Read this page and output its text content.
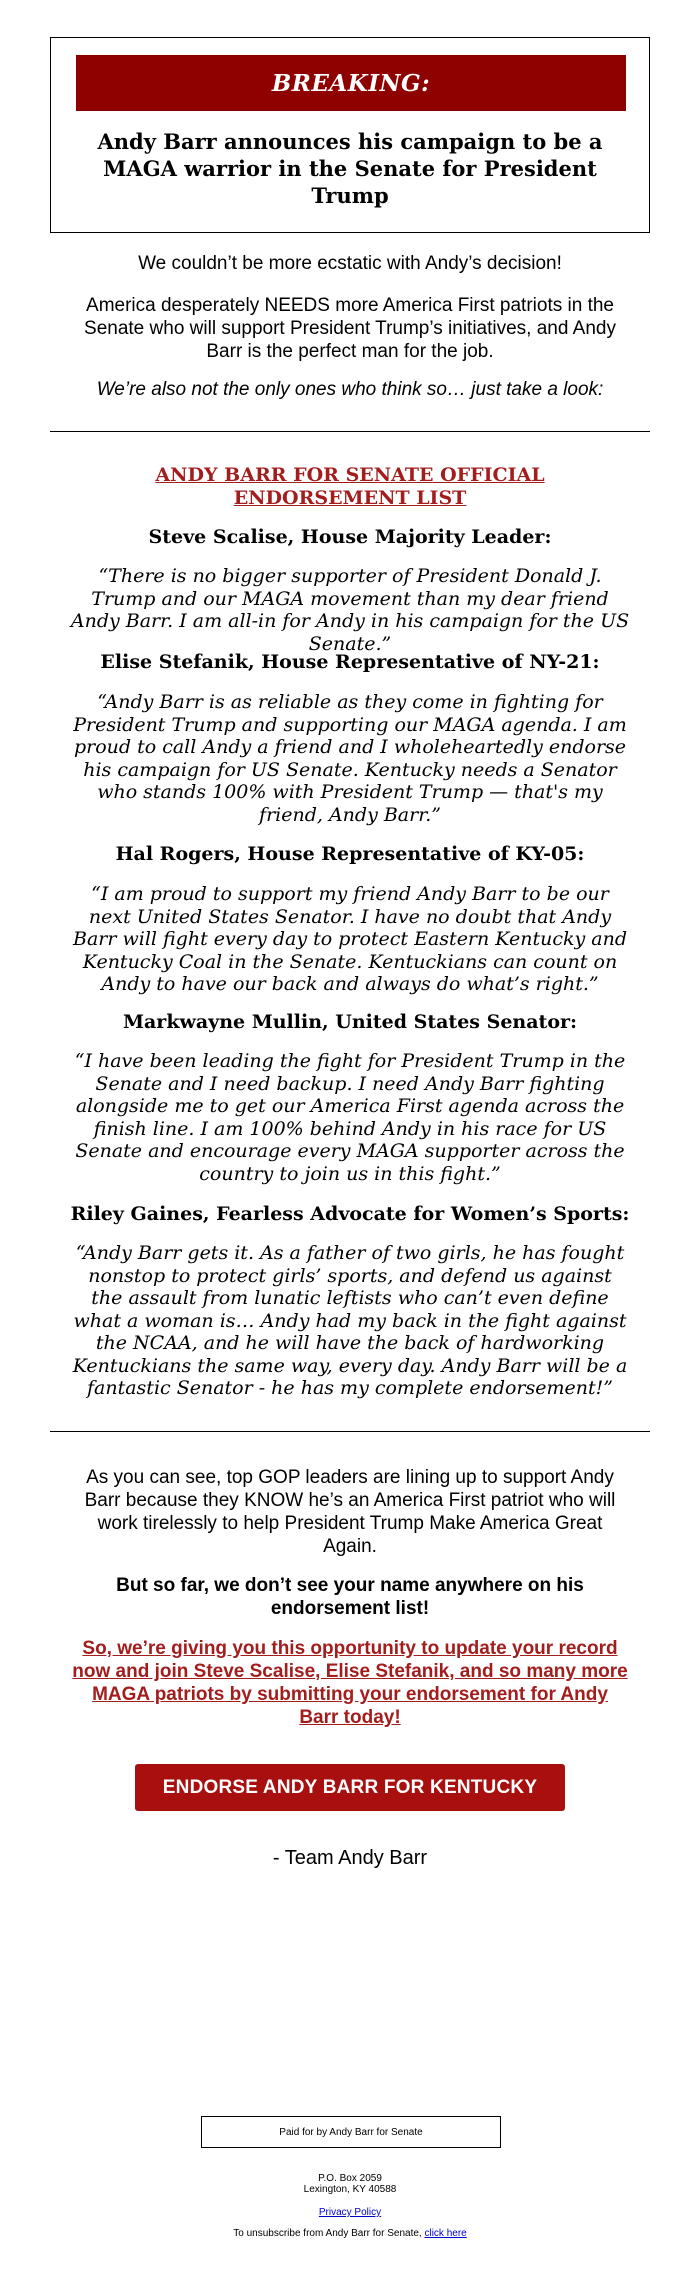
BREAKING:
Andy Barr announces his campaign to be a MAGA warrior in the Senate for President Trump

We couldn’t be more ecstatic with Andy’s decision!

America desperately NEEDS more America First patriots in the Senate who will support President Trump’s initiatives, and Andy Barr is the perfect man for the job.

We’re also not the only ones who think so… just take a look:

ANDY BARR FOR SENATE OFFICIAL ENDORSEMENT LIST
Steve Scalise, House Majority Leader:
“There is no bigger supporter of President Donald J. Trump and our MAGA movement than my dear friend Andy Barr. I am all-in for Andy in his campaign for the US Senate.”
Elise Stefanik, House Representative of NY-21:
“Andy Barr is as reliable as they come in fighting for President Trump and supporting our MAGA agenda. I am proud to call Andy a friend and I wholeheartedly endorse his campaign for US Senate. Kentucky needs a Senator who stands 100% with President Trump — that's my friend, Andy Barr.”
Hal Rogers, House Representative of KY-05:
“I am proud to support my friend Andy Barr to be our next United States Senator. I have no doubt that Andy Barr will fight every day to protect Eastern Kentucky and Kentucky Coal in the Senate. Kentuckians can count on Andy to have our back and always do what’s right.”
Markwayne Mullin, United States Senator:
“I have been leading the fight for President Trump in the Senate and I need backup. I need Andy Barr fighting alongside me to get our America First agenda across the finish line. I am 100% behind Andy in his race for US Senate and encourage every MAGA supporter across the country to join us in this fight.”
Riley Gaines, Fearless Advocate for Women’s Sports:
“Andy Barr gets it. As a father of two girls, he has fought nonstop to protect girls’ sports, and defend us against the assault from lunatic leftists who can’t even define what a woman is… Andy had my back in the fight against the NCAA, and he will have the back of hardworking Kentuckians the same way, every day. Andy Barr will be a fantastic Senator - he has my complete endorsement!”

As you can see, top GOP leaders are lining up to support Andy Barr because they KNOW he’s an America First patriot who will work tirelessly to help President Trump Make America Great Again.

But so far, we don’t see your name anywhere on his endorsement list!

So, we’re giving you this opportunity to update your record now and join Steve Scalise, Elise Stefanik, and so many more MAGA patriots by submitting your endorsement for Andy Barr today!

ENDORSE ANDY BARR FOR KENTUCKY
- Team Andy Barr
Paid for by Andy Barr for Senate
P.O. Box 2059
Lexington, KY 40588
Privacy Policy
To unsubscribe from Andy Barr for Senate, click here
